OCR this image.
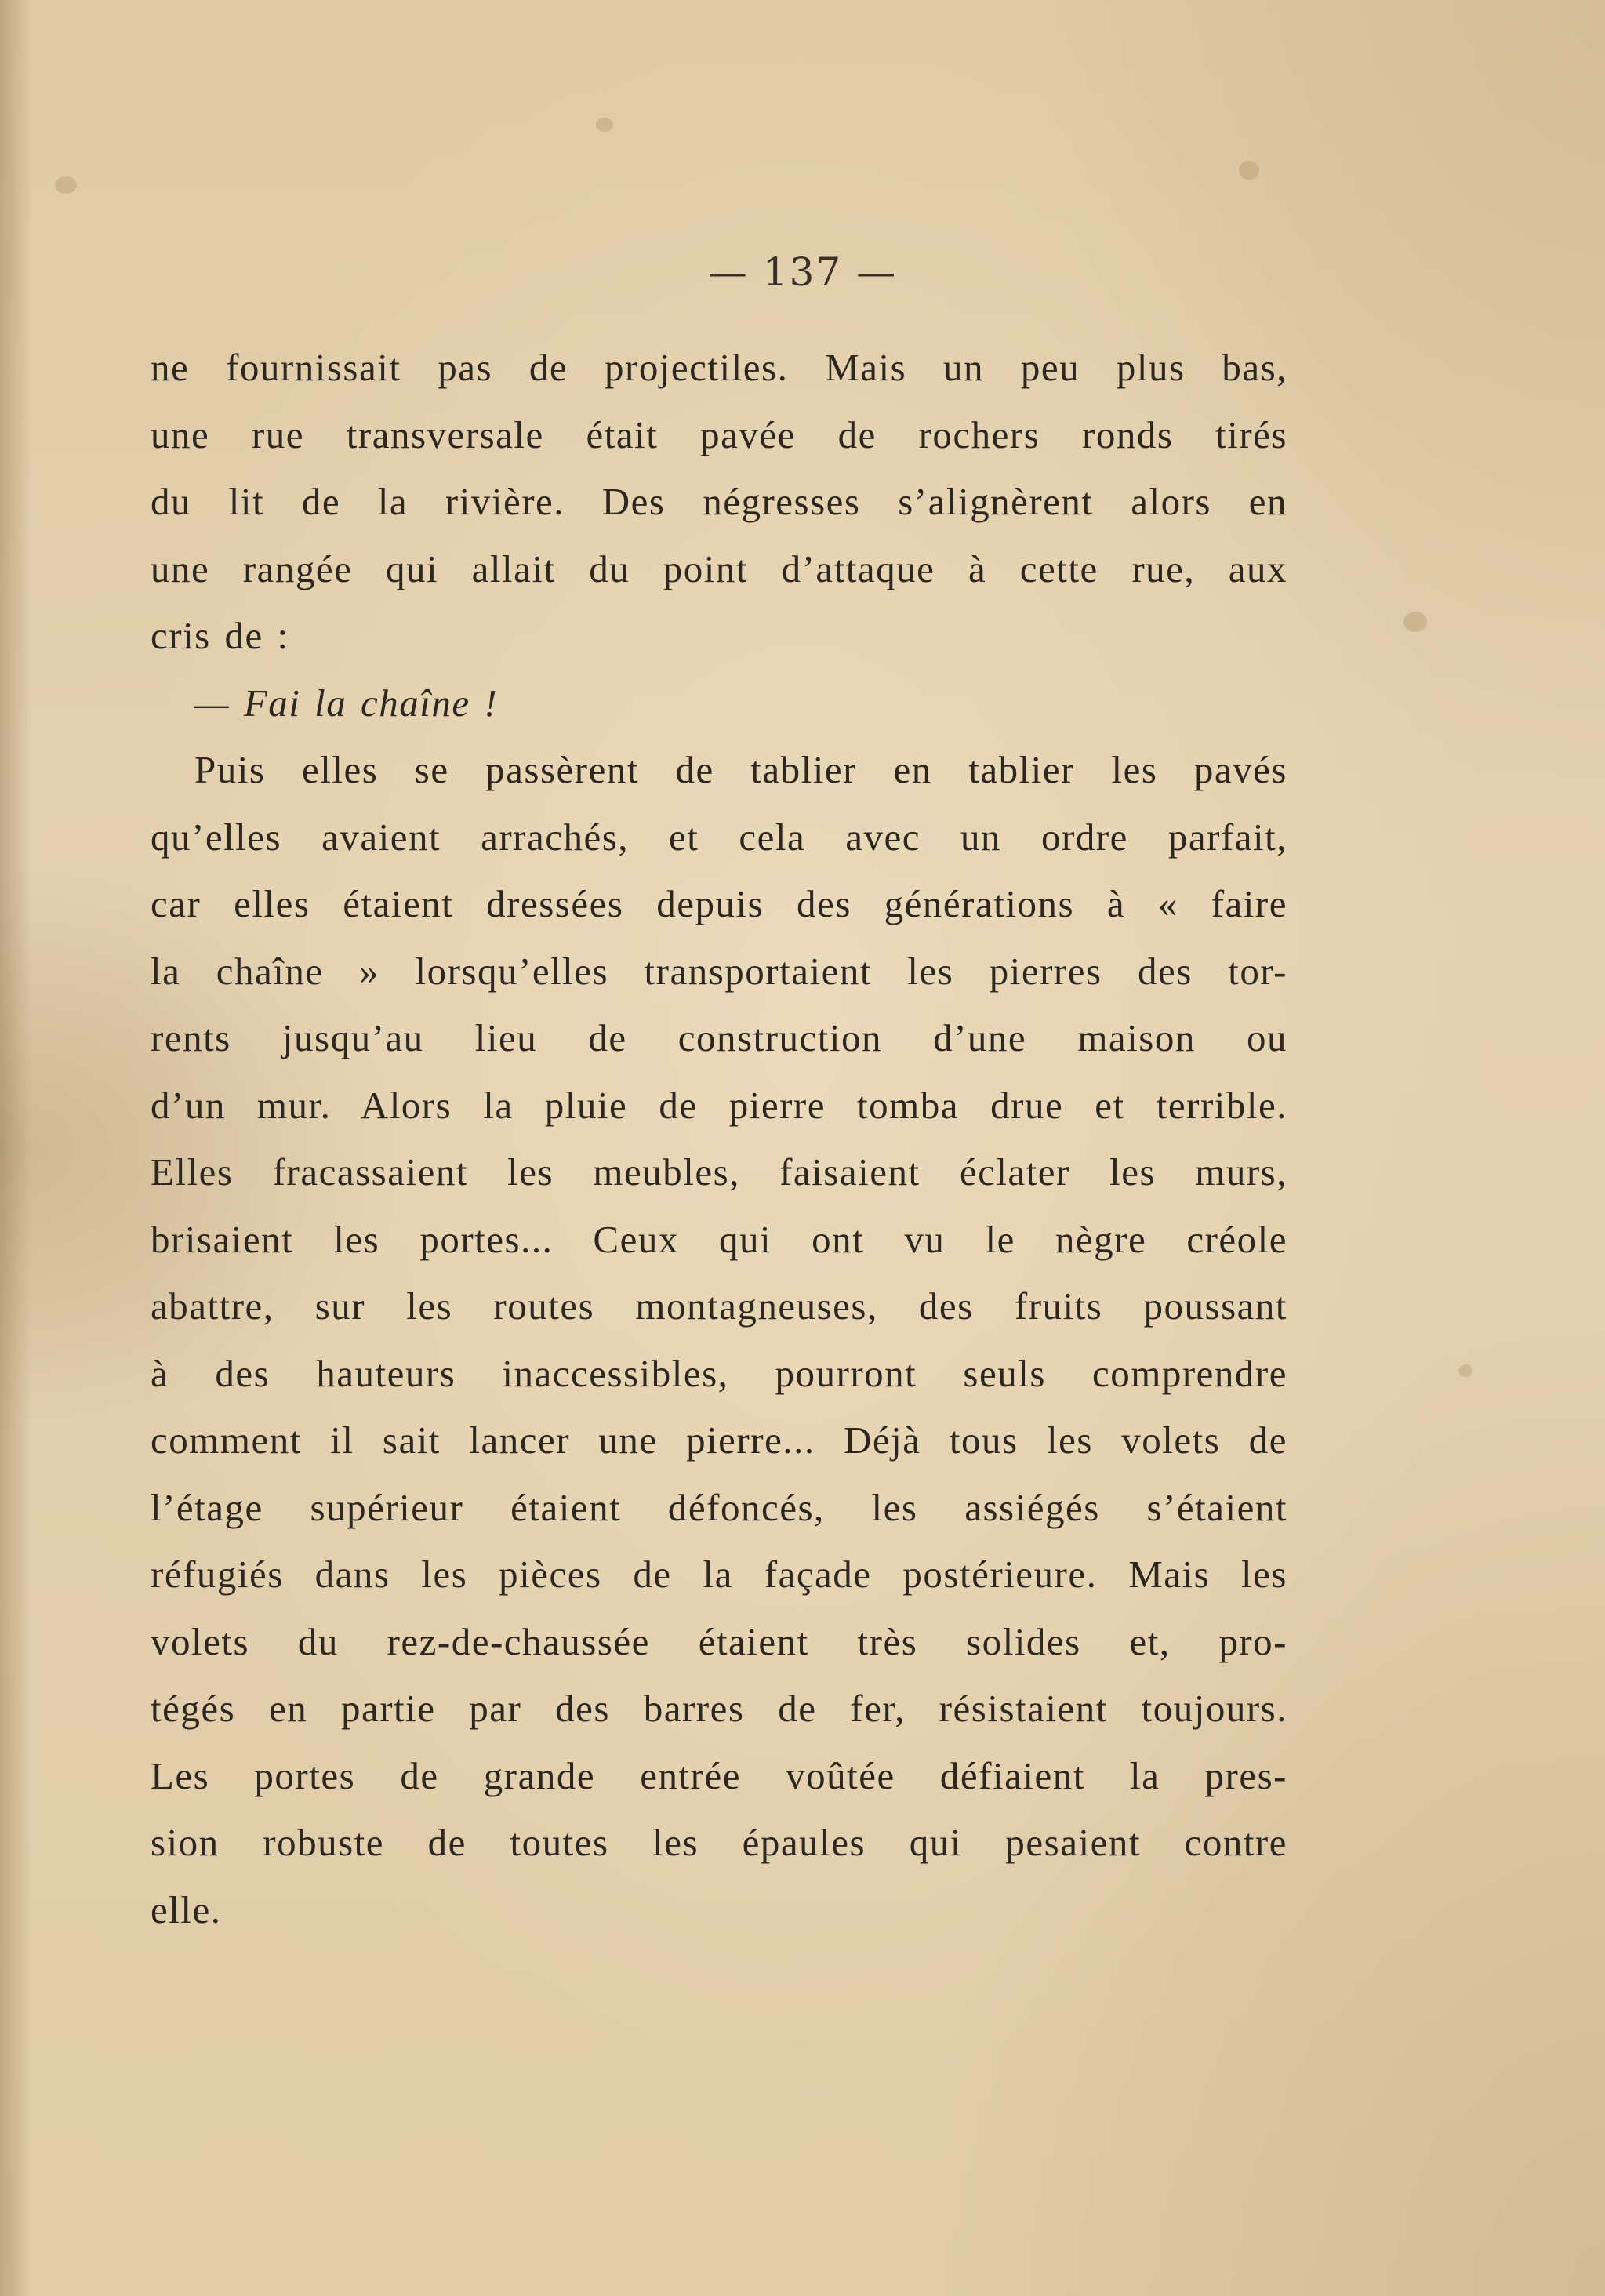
— 137 —
ne fournissait pas de projectiles. Mais un peu plus bas,
une rue transversale était pavée de rochers ronds tirés
du lit de la rivière. Des négresses s’alignèrent alors en
une rangée qui allait du point d’attaque à cette rue, aux
cris de :
— Fai la chaîne !
Puis elles se passèrent de tablier en tablier les pavés
qu’elles avaient arrachés, et cela avec un ordre parfait,
car elles étaient dressées depuis des générations à « faire
la chaîne » lorsqu’elles transportaient les pierres des tor-
rents jusqu’au lieu de construction d’une maison ou
d’un mur. Alors la pluie de pierre tomba drue et terrible.
Elles fracassaient les meubles, faisaient éclater les murs,
brisaient les portes... Ceux qui ont vu le nègre créole
abattre, sur les routes montagneuses, des fruits poussant
à des hauteurs inaccessibles, pourront seuls comprendre
comment il sait lancer une pierre... Déjà tous les volets de
l’étage supérieur étaient défoncés, les assiégés s’étaient
réfugiés dans les pièces de la façade postérieure. Mais les
volets du rez-de-chaussée étaient très solides et, pro-
tégés en partie par des barres de fer, résistaient toujours.
Les portes de grande entrée voûtée défiaient la pres-
sion robuste de toutes les épaules qui pesaient contre
elle.
